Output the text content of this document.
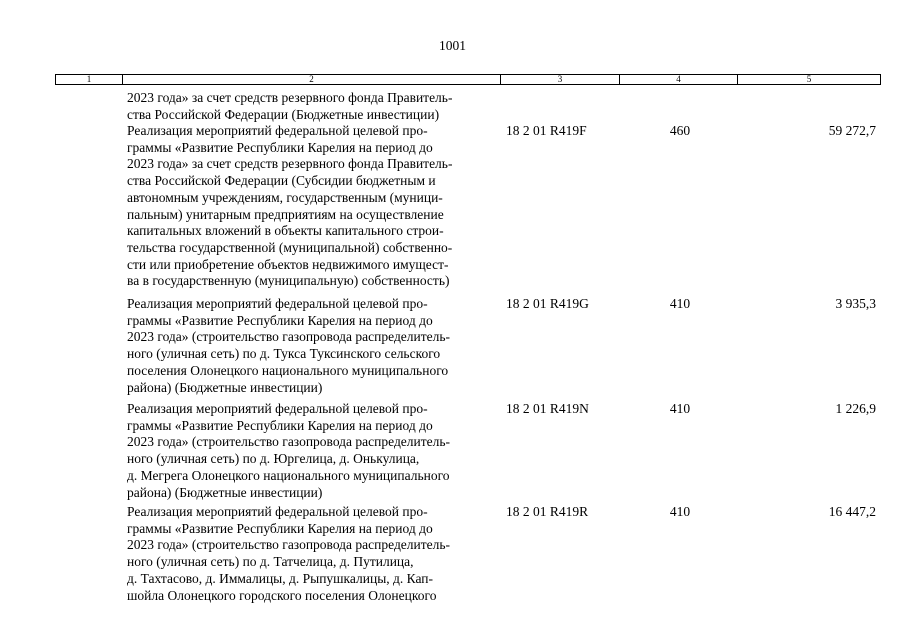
1001
1	2	3	4	5
2023 года» за счет средств резервного фонда Правитель-
ства Российской Федерации (Бюджетные инвестиции)
Реализация мероприятий федеральной целевой про-
граммы «Развитие Республики Карелия на период до
2023 года» за счет средств резервного фонда Правитель-
ства Российской Федерации (Субсидии бюджетным и
автономным учреждениям, государственным (муници-
пальным) унитарным предприятиям на осуществление
капитальных вложений в объекты капитального строи-
тельства государственной (муниципальной) собственно-
сти или приобретение объектов недвижимого имущест-
ва в государственную (муниципальную) собственность)
18 2 01 R419F	460	59 272,7
Реализация мероприятий федеральной целевой про-
граммы «Развитие Республики Карелия на период до
2023 года» (строительство газопровода распределитель-
ного (уличная сеть) по д. Тукса Туксинского сельского
поселения Олонецкого национального муниципального
района) (Бюджетные инвестиции)
18 2 01 R419G	410	3 935,3
Реализация мероприятий федеральной целевой про-
граммы «Развитие Республики Карелия на период до
2023 года» (строительство газопровода распределитель-
ного (уличная сеть) по д. Юргелица, д. Онькулица,
д. Мегрега Олонецкого национального муниципального
района) (Бюджетные инвестиции)
18 2 01 R419N	410	1 226,9
Реализация мероприятий федеральной целевой про-
граммы «Развитие Республики Карелия на период до
2023 года» (строительство газопровода распределитель-
ного (уличная сеть) по д. Татчелица, д. Путилица,
д. Тахтасово, д. Иммалицы, д. Рыпушкалицы, д. Кап-
шойла Олонецкого городского поселения Олонецкого
18 2 01 R419R	410	16 447,2
